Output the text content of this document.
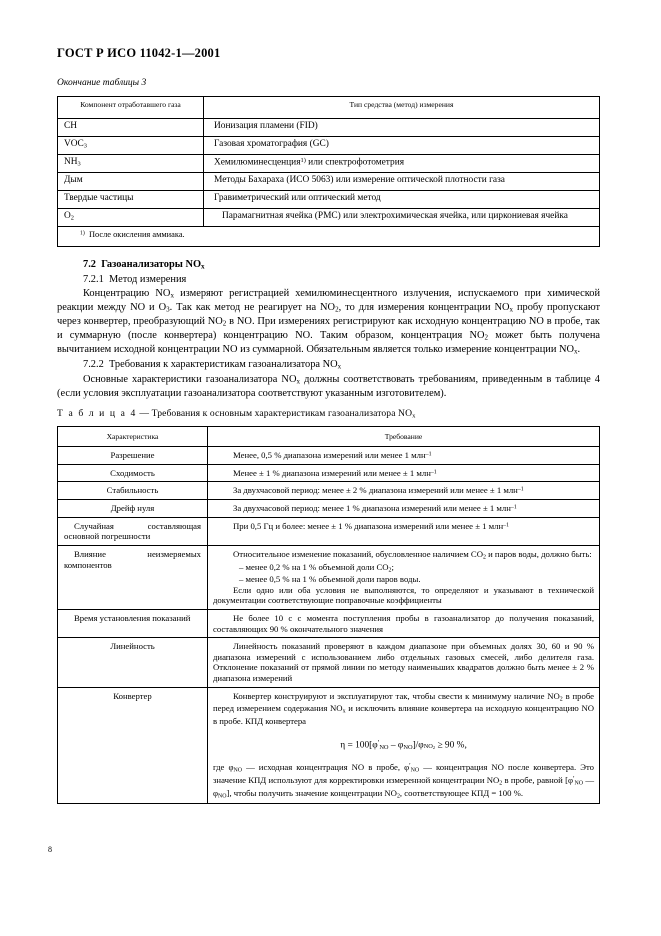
ГОСТ Р ИСО 11042-1—2001
Окончание таблицы 3
Компонент отработавшего газа	Тип средства (метод) измерения
CH	Ионизация пламени (FID)
$VOC_3$	Газовая хроматография (GC)
$NH_3$	Хемилюминесценция$^{1)}$ или спектрофотометрия
Дым	Методы Бахараха (ИСО 5063) или измерение оптической плотности газа
Твердые частицы	Гравиметрический или оптический метод
$O_2$	Парамагнитная ячейка (РМС) или электрохимическая ячейка, или циркониевая ячейка
$^{1)}$ После окисления аммиака.	

7.2 Газоанализаторы $NO_x$

7.2.1 Метод измерения

Концентрацию $NO_x$ измеряют регистрацией хемилюминесцентного излучения, испускаемого при химической реакции между NO и $O_3$. Так как метод не реагирует на $NO_2$, то для измерения концентрации $NO_x$ пробу пропускают через конвертер, преобразующий $NO_2$ в NO. При измерениях регистрируют как исходную концентрацию NO в пробе, так и суммарную (после конвертера) концентрацию NO. Таким образом, концентрация $NO_2$ может быть получена вычитанием исходной концентрации NO из суммарной. Обязательным является только измерение концентрации $NO_x$.

7.2.2 Требования к характеристикам газоанализатора $NO_x$

Основные характеристики газоанализатора $NO_x$ должны соответствовать требованиям, приведенным в таблице 4 (если условия эксплуатации газоанализатора соответствуют указанным изготовителем).

Т а б л и ц а 4 — Требования к основным характеристикам газоанализатора $NO_x$
Характеристика	Требование
Разрешение	Менее, 0,5 % диапазона измерений или менее 1 млн$^{-1}$

Сходимость	Менее ± 1 % диапазона измерений или менее ± 1 млн$^{-1}$

Стабильность	За двухчасовой период: менее ± 2 % диапазона измерений или менее ± 1 млн$^{-1}$

Дрейф нуля	За двухчасовой период: менее 1 % диапазона измерений или менее ± 1 млн$^{-1}$

Случайная составляющая основной погрешности	При 0,5 Гц и более: менее ± 1 % диапазона измерений или менее ± 1 млн$^{-1}$

Влияние неизмеряемых компонентов	Относительное изменение показаний, обусловленное наличием $CO_2$ и паров воды, должно быть:
– менее 0,2 % на 1 % объемной доли $CO_2$;
– менее 0,5 % на 1 % объемной доли паров воды.
Если одно или оба условия не выполняются, то определяют и указывают в технической документации соответствующие поправочные коэффициенты

Время установления показаний	Не более 10 с с момента поступления пробы в газоанализатор до получения показаний, составляющих 90 % окончательного значения

Линейность	Линейность показаний проверяют в каждом диапазоне при объемных долях 30, 60 и 90 % диапазона измерений с использованием либо отдельных газовых смесей, либо делителя газа. Отклонение показаний от прямой линии по методу наименьших квадратов должно быть менее ± 2 % диапазона измерений

Конвертер	Конвертер конструируют и эксплуатируют так, чтобы свести к минимуму наличие $NO_2$ в пробе перед измерением содержания $NO_x$ и исключить влияние конвертера на исходную концентрацию NO в пробе. КПД конвертера
$\eta = 100[\varphi'_{NO} - \varphi_{NO}]/\varphi_{NO_2} \ge 90$ %,
где $\varphi_{NO}$ — исходная концентрация NO в пробе, $\varphi'_{NO}$ — концентрация NO после конвертера. Это значение КПД используют для корректировки измеренной концентрации $NO_2$ в пробе, равной [$\varphi'_{NO}$ — $\varphi_{NO}$], чтобы получить значение концентрации $NO_2$, соответствующее КПД = 100 %.
8
